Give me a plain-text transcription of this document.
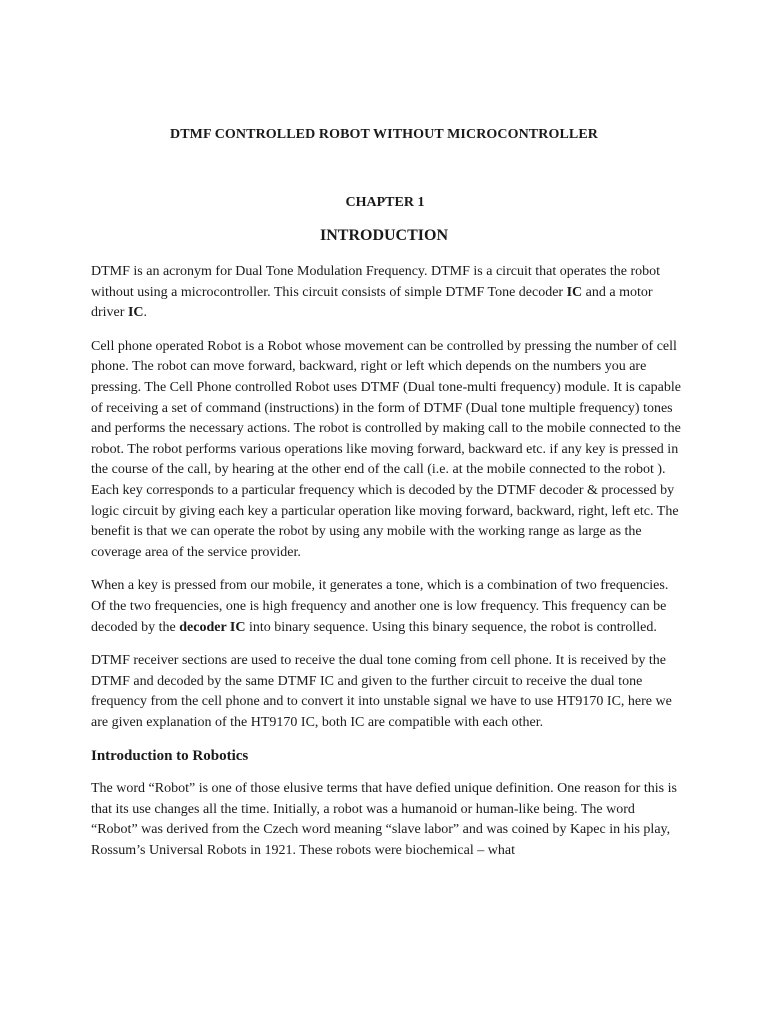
DTMF CONTROLLED ROBOT WITHOUT MICROCONTROLLER
CHAPTER 1
INTRODUCTION

DTMF is an acronym for Dual Tone Modulation Frequency. DTMF is a circuit that operates the robot without using a microcontroller. This circuit consists of simple DTMF Tone decoder IC and a motor driver IC.

Cell phone operated Robot is a Robot whose movement can be controlled by pressing the number of cell phone. The robot can move forward, backward, right or left which depends on the numbers you are pressing. The Cell Phone controlled Robot uses DTMF (Dual tone-multi frequency) module. It is capable of receiving a set of command (instructions) in the form of DTMF (Dual tone multiple frequency) tones and performs the necessary actions. The robot is controlled by making call to the mobile connected to the robot. The robot performs various operations like moving forward, backward etc. if any key is pressed in the course of the call, by hearing at the other end of the call (i.e. at the mobile connected to the robot ). Each key corresponds to a particular frequency which is decoded by the DTMF decoder & processed by logic circuit by giving each key a particular operation like moving forward, backward, right, left etc. The benefit is that we can operate the robot by using any mobile with the working range as large as the coverage area of the service provider.

When a key is pressed from our mobile, it generates a tone, which is a combination of two frequencies. Of the two frequencies, one is high frequency and another one is low frequency. This frequency can be decoded by the decoder IC into binary sequence. Using this binary sequence, the robot is controlled.

DTMF receiver sections are used to receive the dual tone coming from cell phone. It is received by the DTMF and decoded by the same DTMF IC and given to the further circuit to receive the dual tone frequency from the cell phone and to convert it into unstable signal we have to use HT9170 IC, here we are given explanation of the HT9170 IC, both IC are compatible with each other.

Introduction to Robotics

The word “Robot” is one of those elusive terms that have defied unique definition. One reason for this is that its use changes all the time. Initially, a robot was a humanoid or human-like being. The word “Robot” was derived from the Czech word meaning “slave labor” and was coined by Kapec in his play, Rossum’s Universal Robots in 1921. These robots were biochemical – what
